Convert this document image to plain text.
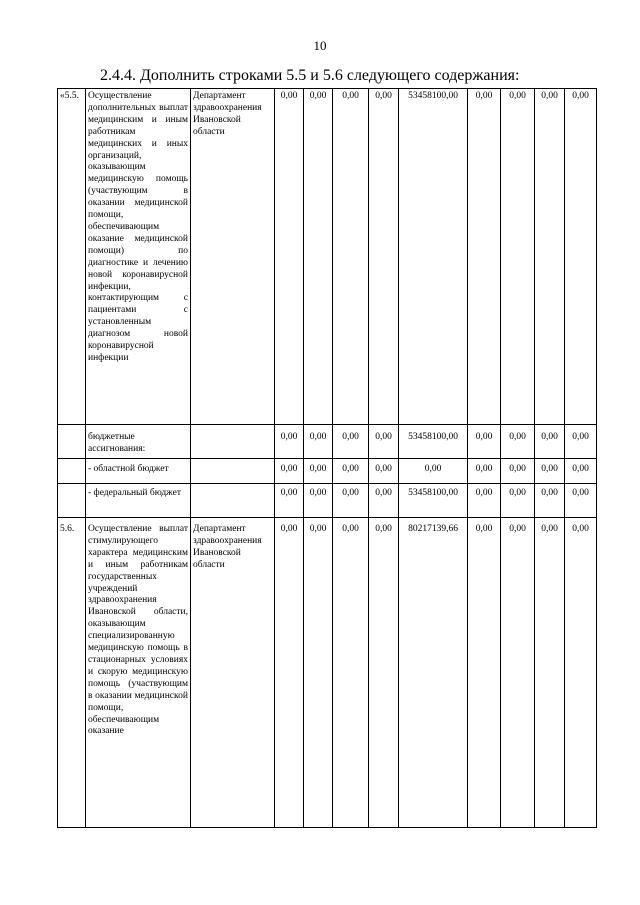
10
2.4.4. Дополнить строками 5.5 и 5.6 следующего содержания:
«5.5.	Осуществление дополнительных выплат медицинским и иным работникам медицинских и иных организаций, оказывающим медицинскую помощь (участвующим в оказании медицинской помощи, обеспечивающим оказание медицинской помощи) по диагностике и лечению новой коронавирусной инфекции, контактирующим с пациентами с установленным диагнозом новой коронавирусной инфекции	Департамент здравоохранения Ивановской области	0,00	0,00	0,00	0,00	53458100,00	0,00	0,00	0,00	0,00
	бюджетные ассигнования:		0,00	0,00	0,00	0,00	53458100,00	0,00	0,00	0,00	0,00
	- областной бюджет		0,00	0,00	0,00	0,00	0,00	0,00	0,00	0,00	0,00
	- федеральный бюджет		0,00	0,00	0,00	0,00	53458100,00	0,00	0,00	0,00	0,00
5.6.	Осуществление выплат стимулирующего характера медицинским и иным работникам государственных учреждений здравоохранения Ивановской области, оказывающим специализированную медицинскую помощь в стационарных условиях и скорую медицинскую помощь (участвующим в оказании медицинской помощи, обеспечивающим оказание	Департамент здравоохранения Ивановской области	0,00	0,00	0,00	0,00	80217139,66	0,00	0,00	0,00	0,00
